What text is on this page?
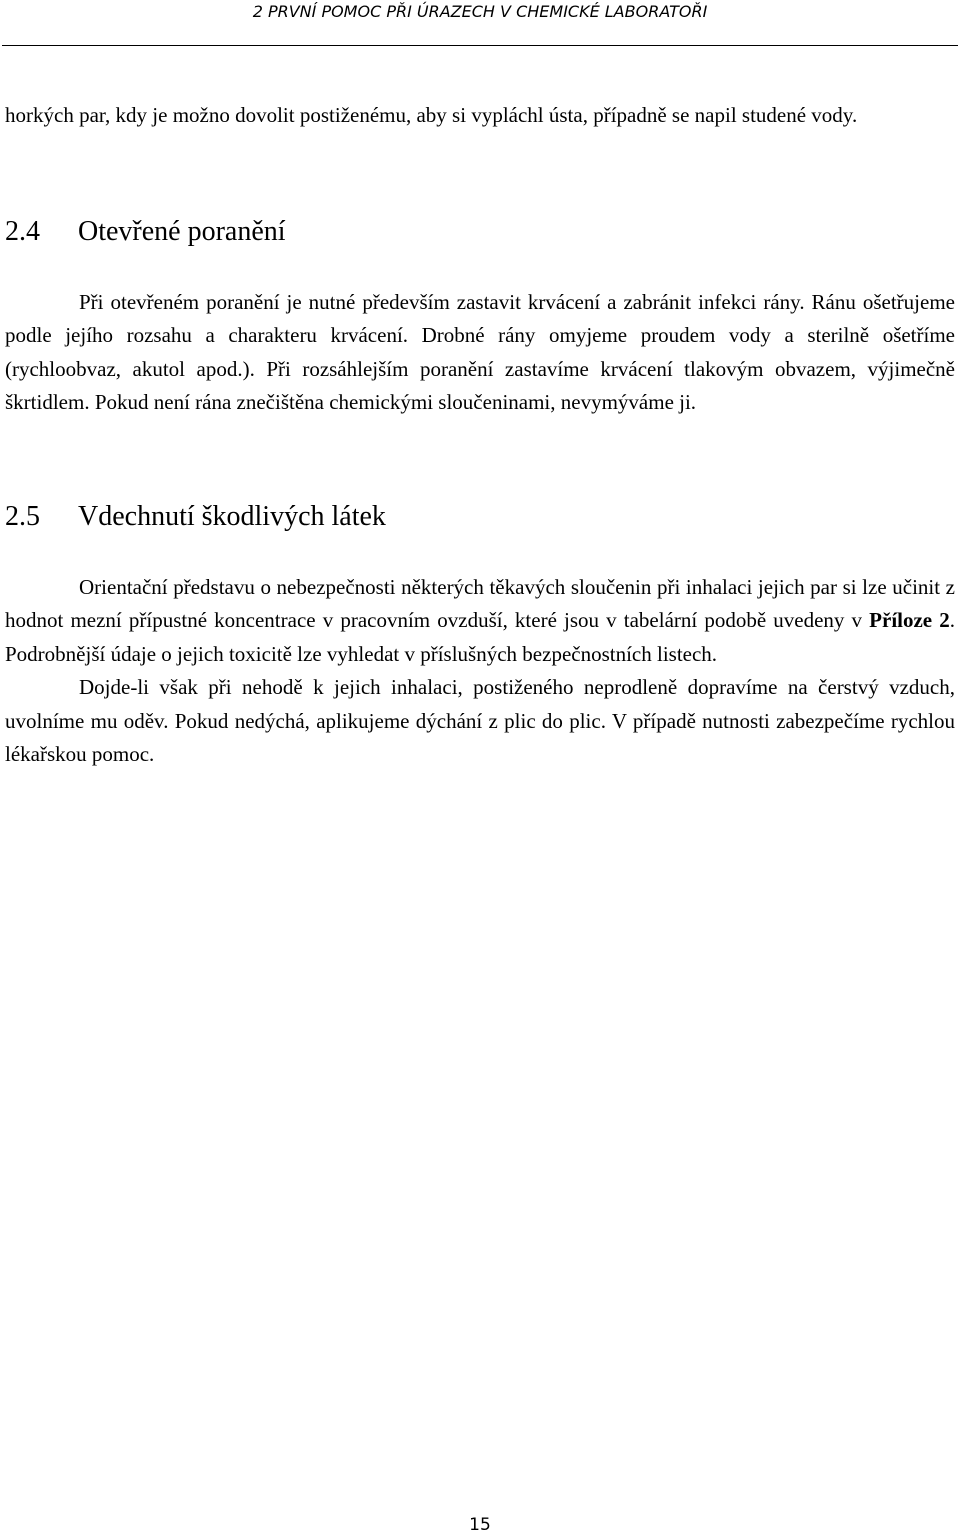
2 PRVNÍ POMOC PŘI ÚRAZECH V CHEMICKÉ LABORATOŘI

horkých par, kdy je možno dovolit postiženému, aby si vypláchl ústa, případně se napil studené vody.

2.4	Otevřené poranění

Při otevřeném poranění je nutné především zastavit krvácení a zabránit infekci rány. Ránu ošetřujeme podle jejího rozsahu a charakteru krvácení. Drobné rány omyjeme proudem vody a sterilně ošetříme (rychloobvaz, akutol apod.). Při rozsáhlejším poranění zastavíme krvácení tlakovým obvazem, výjimečně škrtidlem. Pokud není rána znečištěna chemickými sloučeninami, nevymýváme ji.

2.5	Vdechnutí škodlivých látek

Orientační představu o nebezpečnosti některých těkavých sloučenin při inhalaci jejich par si lze učinit z hodnot mezní přípustné koncentrace v pracovním ovzduší, které jsou v tabelární podobě uvedeny v Příloze 2. Podrobnější údaje o jejich toxicitě lze vyhledat v příslušných bezpečnostních listech.

Dojde-li však při nehodě k jejich inhalaci, postiženého neprodleně dopravíme na čerstvý vzduch, uvolníme mu oděv. Pokud nedýchá, aplikujeme dýchání z plic do plic. V případě nutnosti zabezpečíme rychlou lékařskou pomoc.

15
